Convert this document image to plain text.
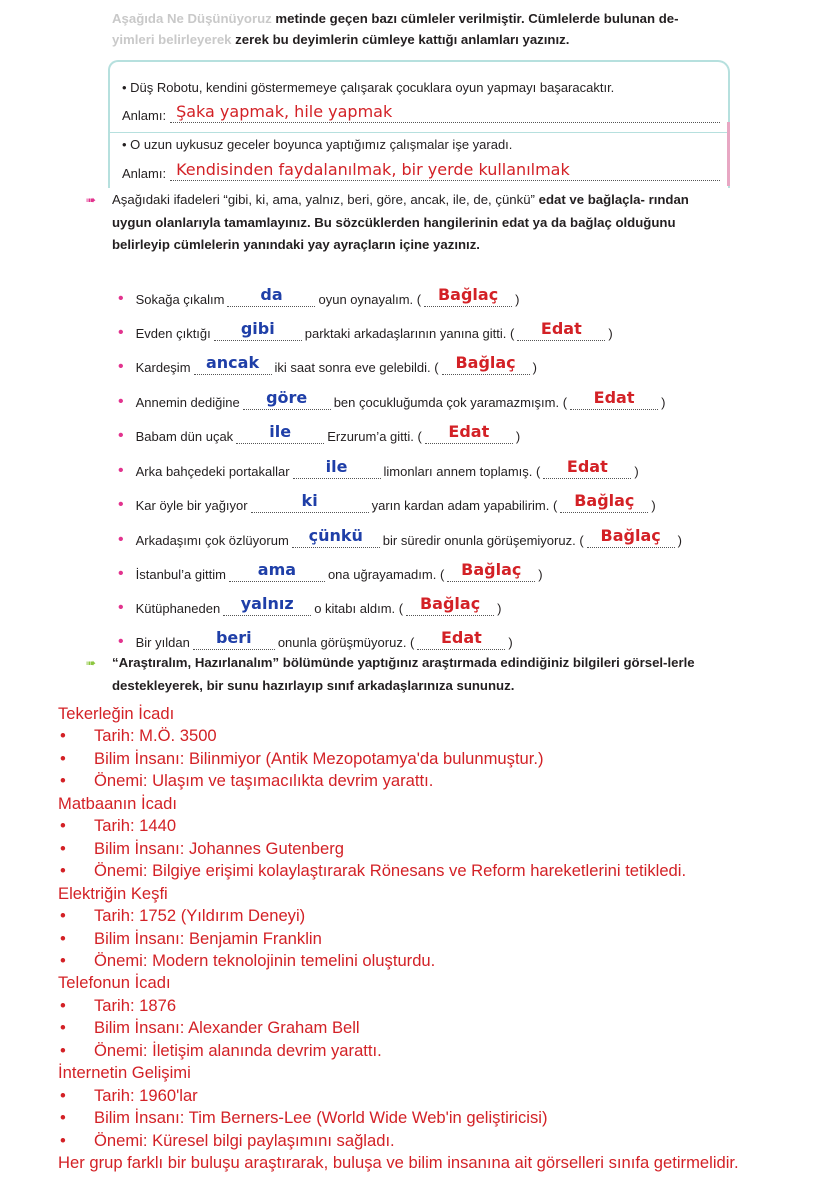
Aşağıda Ne Düşünüyoruz metinde geçen bazı cümleler verilmiştir. Cümlelerde bulunan de-
yimleri belirleyerek zerek bu deyimlerin cümleye kattığı anlamları yazınız.
• Düş Robotu, kendini göstermemeye çalışarak çocuklara oyun yapmayı başaracaktır.
Anlamı: Şaka yapmak, hile yapmak
• O uzun uykusuz geceler boyunca yaptığımız çalışmalar işe yaradı.
Anlamı: Kendisinden faydalanılmak, bir yerde kullanılmak
➠ Aşağıdaki ifadeleri “gibi, ki, ama, yalnız, beri, göre, ancak, ile, de, çünkü” edat ve bağlaçla- rından uygun olanlarıyla tamamlayınız. Bu sözcüklerden hangilerinin edat ya da bağlaç olduğunu belirleyip cümlelerin yanındaki yay ayraçların içine yazınız.
• Sokağa çıkalım	da	oyun oynayalım. (	Bağlaç	)
• Evden çıktığı	gibi	parktaki arkadaşlarının yanına gitti. (	Edat	)
• Kardeşim ancak	iki saat sonra eve gelebildi. (	Bağlaç	)
• Annemin dediğine	göre	ben çocukluğumda çok yaramazmışım. (	Edat	)
• Babam dün uçak	ile	Erzurum’a gitti. (	Edat	)
• Arka bahçedeki portakallar	ile	limonları annem toplamış. (	Edat	)
• Kar öyle bir yağıyor	ki	yarın kardan adam yapabilirim. (	Bağlaç	)
• Arkadaşımı çok özlüyorum	çünkü	bir süredir onunla görüşemiyoruz. (	Bağlaç	)
• İstanbul’a gittim	ama	ona uğrayamadım. (	Bağlaç	)
• Kütüphaneden	yalnız	o kitabı aldım. (	Bağlaç	)
• Bir yıldan	beri	onunla görüşmüyoruz. (	Edat	)
➠ “Araştıralım, Hazırlanalım” bölümünde yaptığınız araştırmada edindiğiniz bilgileri görsel-lerle destekleyerek, bir sunu hazırlayıp sınıf arkadaşlarınıza sununuz.
Tekerleğin İcadı
• Tarih: M.Ö. 3500
• Bilim İnsanı: Bilinmiyor (Antik Mezopotamya'da bulunmuştur.)
• Önemi: Ulaşım ve taşımacılıkta devrim yarattı.
Matbaanın İcadı
• Tarih: 1440
• Bilim İnsanı: Johannes Gutenberg
• Önemi: Bilgiye erişimi kolaylaştırarak Rönesans ve Reform hareketlerini tetikledi.
Elektriğin Keşfi
• Tarih: 1752 (Yıldırım Deneyi)
• Bilim İnsanı: Benjamin Franklin
• Önemi: Modern teknolojinin temelini oluşturdu.
Telefonun İcadı
• Tarih: 1876
• Bilim İnsanı: Alexander Graham Bell
• Önemi: İletişim alanında devrim yarattı.
İnternetin Gelişimi
• Tarih: 1960'lar
• Bilim İnsanı: Tim Berners-Lee (World Wide Web'in geliştiricisi)
• Önemi: Küresel bilgi paylaşımını sağladı.
Her grup farklı bir buluşu araştırarak, buluşa ve bilim insanına ait görselleri sınıfa getirmelidir.
